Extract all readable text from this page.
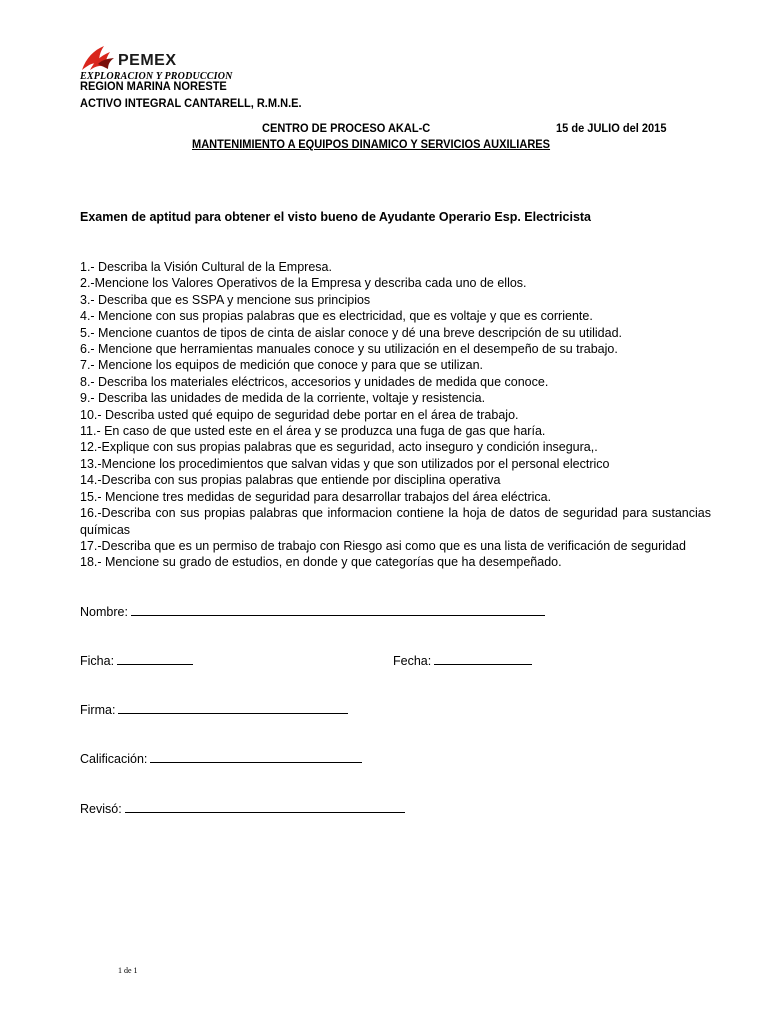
PEMEX
EXPLORACION Y PRODUCCION
REGION MARINA NORESTE
ACTIVO INTEGRAL CANTARELL, R.M.N.E.
CENTRO DE PROCESO AKAL-C	15 de JULIO del 2015
MANTENIMIENTO A EQUIPOS DINAMICO Y SERVICIOS AUXILIARES
Examen de aptitud para obtener el visto bueno de Ayudante Operario Esp. Electricista
1.- Describa la Visión Cultural de la Empresa.
2.-Mencione los Valores Operativos de la Empresa y describa cada uno de ellos.
3.- Describa que es SSPA y mencione sus principios
4.- Mencione con sus propias palabras que es electricidad, que es voltaje y que es corriente.
5.- Mencione cuantos de tipos de cinta de aislar conoce y dé una breve descripción de su utilidad.
6.- Mencione que herramientas manuales conoce y su utilización en el desempeño de su trabajo.
7.- Mencione los equipos de medición que conoce y para que se utilizan.
8.- Describa los materiales eléctricos, accesorios y unidades de medida que conoce.
9.- Describa las unidades de medida de la corriente, voltaje y resistencia.
10.- Describa usted qué equipo de seguridad debe portar en el área de trabajo.
11.- En caso de que usted este en el área y se produzca una fuga de gas que haría.
12.-Explique con sus propias palabras que es seguridad, acto inseguro y condición insegura,.
13.-Mencione los procedimientos que salvan vidas y que son utilizados por el personal electrico
14.-Describa con sus propias palabras que entiende por disciplina operativa
15.- Mencione tres medidas de seguridad para desarrollar trabajos del área eléctrica.
16.-Describa con sus propias palabras que informacion contiene la hoja de datos de seguridad para sustancias químicas
17.-Describa que es un permiso de trabajo con Riesgo asi como que es una lista de verificación de seguridad
18.- Mencione su grado de estudios, en donde y que categorías que ha desempeñado.
Nombre:
Ficha:	Fecha:
Firma:
Calificación:
Revisó:
1 de 1
